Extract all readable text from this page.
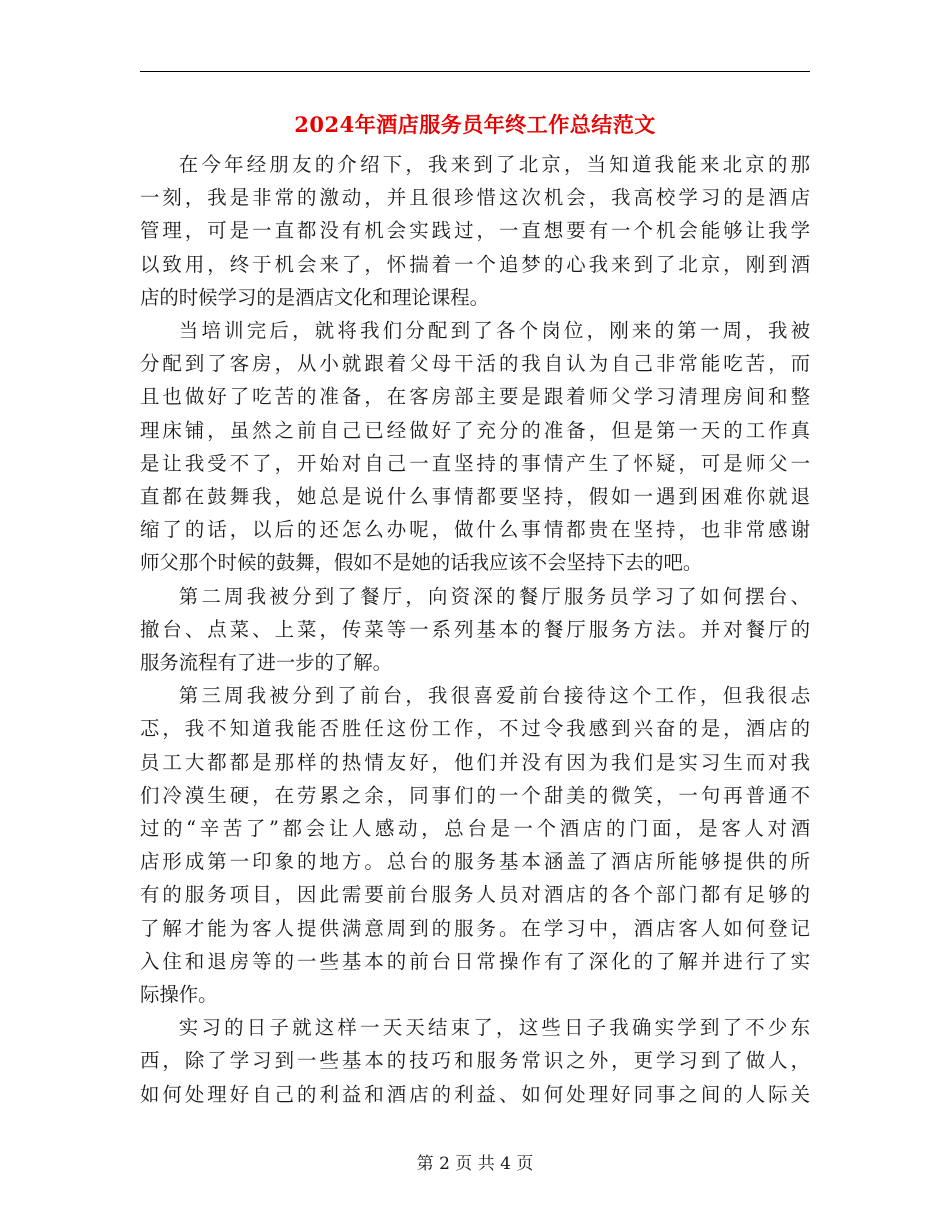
2024年酒店服务员年终工作总结范文
在今年经朋友的介绍下，我来到了北京，当知道我能来北京的那
一刻，我是非常的激动，并且很珍惜这次机会，我高校学习的是酒店
管理，可是一直都没有机会实践过，一直想要有一个机会能够让我学
以致用，终于机会来了，怀揣着一个追梦的心我来到了北京，刚到酒
店的时候学习的是酒店文化和理论课程。
当培训完后，就将我们分配到了各个岗位，刚来的第一周，我被
分配到了客房，从小就跟着父母干活的我自认为自己非常能吃苦，而
且也做好了吃苦的准备，在客房部主要是跟着师父学习清理房间和整
理床铺，虽然之前自己已经做好了充分的准备，但是第一天的工作真
是让我受不了，开始对自己一直坚持的事情产生了怀疑，可是师父一
直都在鼓舞我，她总是说什么事情都要坚持，假如一遇到困难你就退
缩了的话，以后的还怎么办呢，做什么事情都贵在坚持，也非常感谢
师父那个时候的鼓舞，假如不是她的话我应该不会坚持下去的吧。
第二周我被分到了餐厅，向资深的餐厅服务员学习了如何摆台、
撤台、点菜、上菜，传菜等一系列基本的餐厅服务方法。并对餐厅的
服务流程有了进一步的了解。
第三周我被分到了前台，我很喜爱前台接待这个工作，但我很忐
忑，我不知道我能否胜任这份工作，不过令我感到兴奋的是，酒店的
员工大都都是那样的热情友好，他们并没有因为我们是实习生而对我
们冷漠生硬，在劳累之余，同事们的一个甜美的微笑，一句再普通不
过的“辛苦了”都会让人感动，总台是一个酒店的门面，是客人对酒
店形成第一印象的地方。总台的服务基本涵盖了酒店所能够提供的所
有的服务项目，因此需要前台服务人员对酒店的各个部门都有足够的
了解才能为客人提供满意周到的服务。在学习中，酒店客人如何登记
入住和退房等的一些基本的前台日常操作有了深化的了解并进行了实
际操作。
实习的日子就这样一天天结束了，这些日子我确实学到了不少东
西，除了学习到一些基本的技巧和服务常识之外，更学习到了做人，
如何处理好自己的利益和酒店的利益、如何处理好同事之间的人际关
第 2 页 共 4 页
